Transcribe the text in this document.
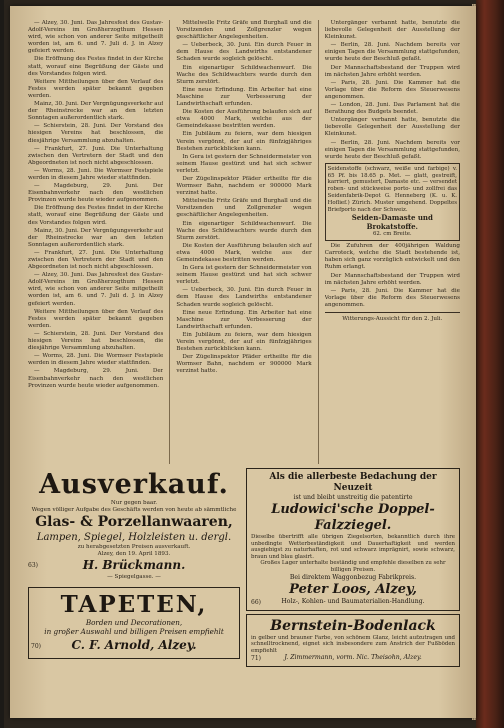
— Alzey, 30. Juni. Das Jahresfest des Gustav-Adolf-Vereins im Großherzogthum Hessen wird, wie schon von anderer Seite mitgetheilt worden ist, am 6. und 7. Juli d. J. in Alzey gefeiert werden.

Die Eröffnung des Festes findet in der Kirche statt, worauf eine Begrüßung der Gäste und des Vorstandes folgen wird.

Weitere Mittheilungen über den Verlauf des Festes werden später bekannt gegeben werden.

Mainz, 30. Juni. Der Vergnügungsverkehr auf der Rheinstrecke war an den letzten Sonntagen außerordentlich stark.

— Schierstein, 28. Juni. Der Vorstand des hiesigen Vereins hat beschlossen, die diesjährige Versammlung abzuhalten.

— Frankfurt, 27. Juni. Die Unterhaltung zwischen den Vertretern der Stadt und den Abgeordneten ist noch nicht abgeschlossen.

— Worms, 28. Juni. Die Wormser Festspiele werden in diesem Jahre wieder stattfinden.

— Magdeburg, 29. Juni. Der Eisenbahnverkehr nach den westlichen Provinzen wurde heute wieder aufgenommen.

Die Eröffnung des Festes findet in der Kirche statt, worauf eine Begrüßung der Gäste und des Vorstandes folgen wird.

Mainz, 30. Juni. Der Vergnügungsverkehr auf der Rheinstrecke war an den letzten Sonntagen außerordentlich stark.

— Frankfurt, 27. Juni. Die Unterhaltung zwischen den Vertretern der Stadt und den Abgeordneten ist noch nicht abgeschlossen.

— Alzey, 30. Juni. Das Jahresfest des Gustav-Adolf-Vereins im Großherzogthum Hessen wird, wie schon von anderer Seite mitgetheilt worden ist, am 6. und 7. Juli d. J. in Alzey gefeiert werden.

Weitere Mittheilungen über den Verlauf des Festes werden später bekannt gegeben werden.

— Schierstein, 28. Juni. Der Vorstand des hiesigen Vereins hat beschlossen, die diesjährige Versammlung abzuhalten.

— Worms, 28. Juni. Die Wormser Festspiele werden in diesem Jahre wieder stattfinden.

— Magdeburg, 29. Juni. Der Eisenbahnverkehr nach den westlichen Provinzen wurde heute wieder aufgenommen.

Mittelwelle Fritz Gräfe und Burghall und die Vorsitzenden und Zollgrenzler wegen geschäftlicher Angelegenheiten.

— Ueberbeck, 30. Juni. Ein durch Feuer in dem Hause des Landwirths entstandener Schaden wurde sogleich gelöscht.

Ein eigenartiger Schildwachenwurf. Die Wache des Schildwachters wurde durch den Sturm zerstört.

Eine neue Erfindung. Ein Arbeiter hat eine Maschine zur Verbesserung der Landwirthschaft erfunden.

Die Kosten der Ausführung belaufen sich auf etwa 4000 Mark, welche aus der Gemeindekasse bestritten werden.

Ein Jubiläum zu feiern, war dem hiesigen Verein vergönnt, der auf ein fünfzigjähriges Bestehen zurückblicken kann.

In Gera ist gestern der Schneidermeister von seinem Hause gestürzt und hat sich schwer verletzt.

Der Zügelinspektor Pfäder ertheilte für die Wormser Bahn, nachdem er 900000 Mark verzinst hatte.

Mittelwelle Fritz Gräfe und Burghall und die Vorsitzenden und Zollgrenzler wegen geschäftlicher Angelegenheiten.

Ein eigenartiger Schildwachenwurf. Die Wache des Schildwachters wurde durch den Sturm zerstört.

Die Kosten der Ausführung belaufen sich auf etwa 4000 Mark, welche aus der Gemeindekasse bestritten werden.

In Gera ist gestern der Schneidermeister von seinem Hause gestürzt und hat sich schwer verletzt.

— Ueberbeck, 30. Juni. Ein durch Feuer in dem Hause des Landwirths entstandener Schaden wurde sogleich gelöscht.

Eine neue Erfindung. Ein Arbeiter hat eine Maschine zur Verbesserung der Landwirthschaft erfunden.

Ein Jubiläum zu feiern, war dem hiesigen Verein vergönnt, der auf ein fünfzigjähriges Bestehen zurückblicken kann.

Der Zügelinspektor Pfäder ertheilte für die Wormser Bahn, nachdem er 900000 Mark verzinst hatte.

Untergänger verbannt hatte, benutzte die liebevolle Gelegenheit der Ausstellung der Kleinkunst.

— Berlin, 28. Juni. Nachdem bereits vor einigen Tagen die Versammlung stattgefunden, wurde heute der Beschluß gefaßt.

Der Mannschaftsbestand der Truppen wird im nächsten Jahre erhöht werden.

— Paris, 28. Juni. Die Kammer hat die Vorlage über die Reform des Steuerwesens angenommen.

— London, 28. Juni. Das Parlament hat die Berathung des Budgets beendet.

Untergänger verbannt hatte, benutzte die liebevolle Gelegenheit der Ausstellung der Kleinkunst.

— Berlin, 28. Juni. Nachdem bereits vor einigen Tagen die Versammlung stattgefunden, wurde heute der Beschluß gefaßt.

Seidenstoffe (schwarz, weiße und farbige) v. 65 Pf. bis 18.65 p. Met. — glatt, gestreift, karriert, gemustert, Damaste etc. — versendet roben- und stückweise porto- und zollfrei das Seidenfabrik-Depot G. Henneberg (K. u. K. Hoflief.) Zürich. Muster umgehend. Doppeltes Briefporto nach der Schweiz.
Seiden-Damaste und Brokatstoffe.
62. cm Breite.

Die Zufuhren der 400jährigen Waldung Carroteck, welche die Stadt bestehende ist, haben sich ganz vorzüglich entwickelt und den Ruhm erlangt.

Der Mannschaftsbestand der Truppen wird im nächsten Jahre erhöht werden.

— Paris, 28. Juni. Die Kammer hat die Vorlage über die Reform des Steuerwesens angenommen.

Witterungs-Aussicht für den 2. Juli.

Ausverkauf.
Nur gegen baar.
Wegen völliger Aufgabe des Geschäfts werden von heute ab sämmtliche
Glas- & Porzellanwaaren,
Lampen, Spiegel, Holzleisten u. dergl.
zu herabgesetzten Preisen ausverkauft.
Alzey, den 19. April 1893.
63)	H. Brückmann.
— Spiegelgasse. —
TAPETEN,
Borden und Decorationen,
in großer Auswahl und billigen Preisen empfiehlt
70)	C. F. Arnold, Alzey.
Als die allerbeste Bedachung der Neuzeit
ist und bleibt unstreitig die patentirte
Ludowici'sche Doppel-Falzziegel.
Dieselbe übertrifft alle übrigen Ziegelsorten, bekanntlich durch ihre unbedingte Wetterbeständigkeit und Dauerhaftigkeit und werden ausgiebigst zu naturhaften, rot und schwarz imprägnirt, sowie schwarz, braun und blau glasirt.
Großes Lager unterhalte beständig und empfehle dieselben zu sehr billigen Preisen.
Bei direktem Waggonbezug Fabrikpreis.
Peter Loos, Alzey,
66)	Holz-, Kohlen- und Baumaterialien-Handlung.
Bernstein-Bodenlack
in gelber und brauner Farbe, von schönem Glanz, leicht aufzutragen und schnelltrocknend, eignet sich insbesondere zum Anstrich der Fußböden empfiehlt
71)	J. Zimmermann, vorm. Nic. Theisohn, Alzey.
